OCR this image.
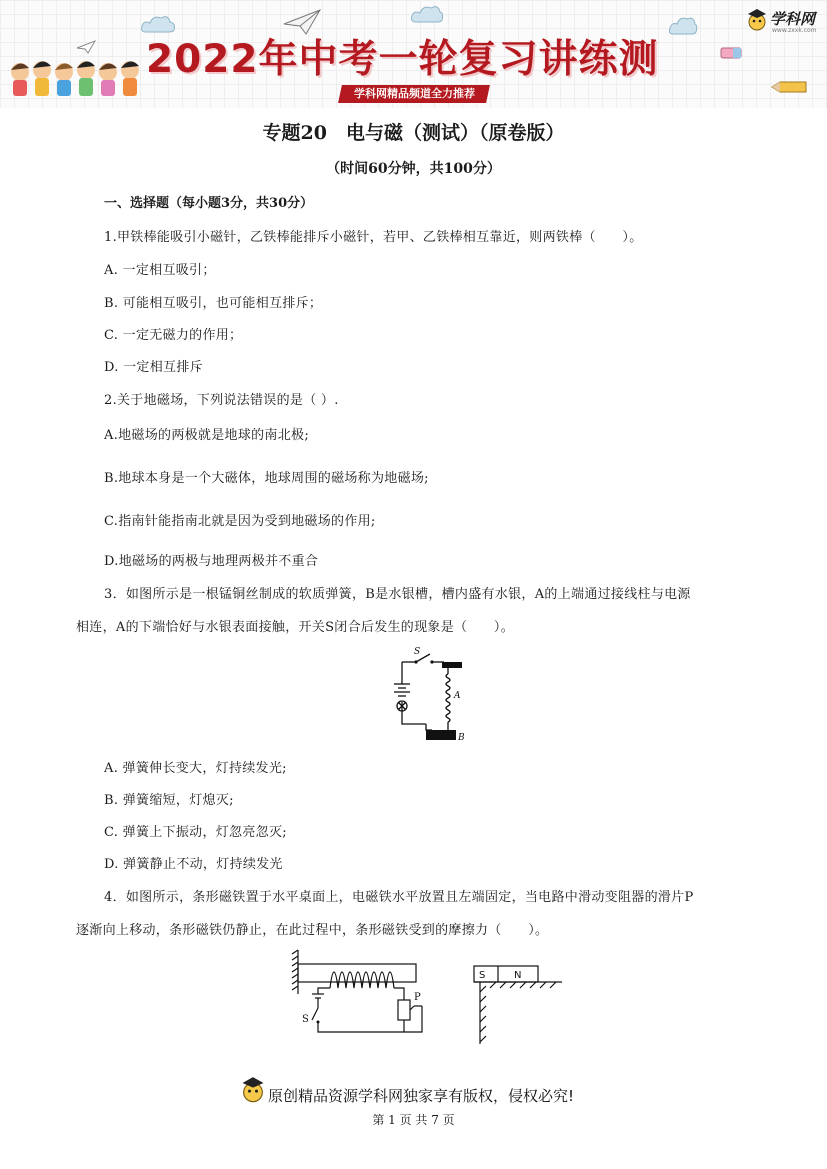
2022年中考一轮复习讲练测
学科网精品频道全力推荐
学科网
www.zxxk.com
专题20　电与磁（测试）（原卷版）
（时间60分钟，共100分）
一、选择题（每小题3分，共30分）
1.甲铁棒能吸引小磁针，乙铁棒能排斥小磁针，若甲、乙铁棒相互靠近，则两铁棒（　　）。
A. 一定相互吸引；
B. 可能相互吸引，也可能相互排斥；
C. 一定无磁力的作用；
D. 一定相互排斥
2.关于地磁场，下列说法错误的是（ ）.
A.地磁场的两极就是地球的南北极;
B.地球本身是一个大磁体，地球周围的磁场称为地磁场;
C.指南针能指南北就是因为受到地磁场的作用;
D.地磁场的两极与地理两极并不重合
3．如图所示是一根锰铜丝制成的软质弹簧，B是水银槽，槽内盛有水银，A的上端通过接线柱与电源
相连，A的下端恰好与水银表面接触，开关S闭合后发生的现象是（　　）。
S
A
B
A. 弹簧伸长变大，灯持续发光;
B. 弹簧缩短，灯熄灭;
C. 弹簧上下振动，灯忽亮忽灭;
D. 弹簧静止不动，灯持续发光
4．如图所示，条形磁铁置于水平桌面上，电磁铁水平放置且左端固定，当电路中滑动变阻器的滑片P
逐渐向上移动，条形磁铁仍静止，在此过程中，条形磁铁受到的摩擦力（　　）。
S
P
S	N
原创精品资源学科网独家享有版权，侵权必究!
第 1 页 共 7 页
